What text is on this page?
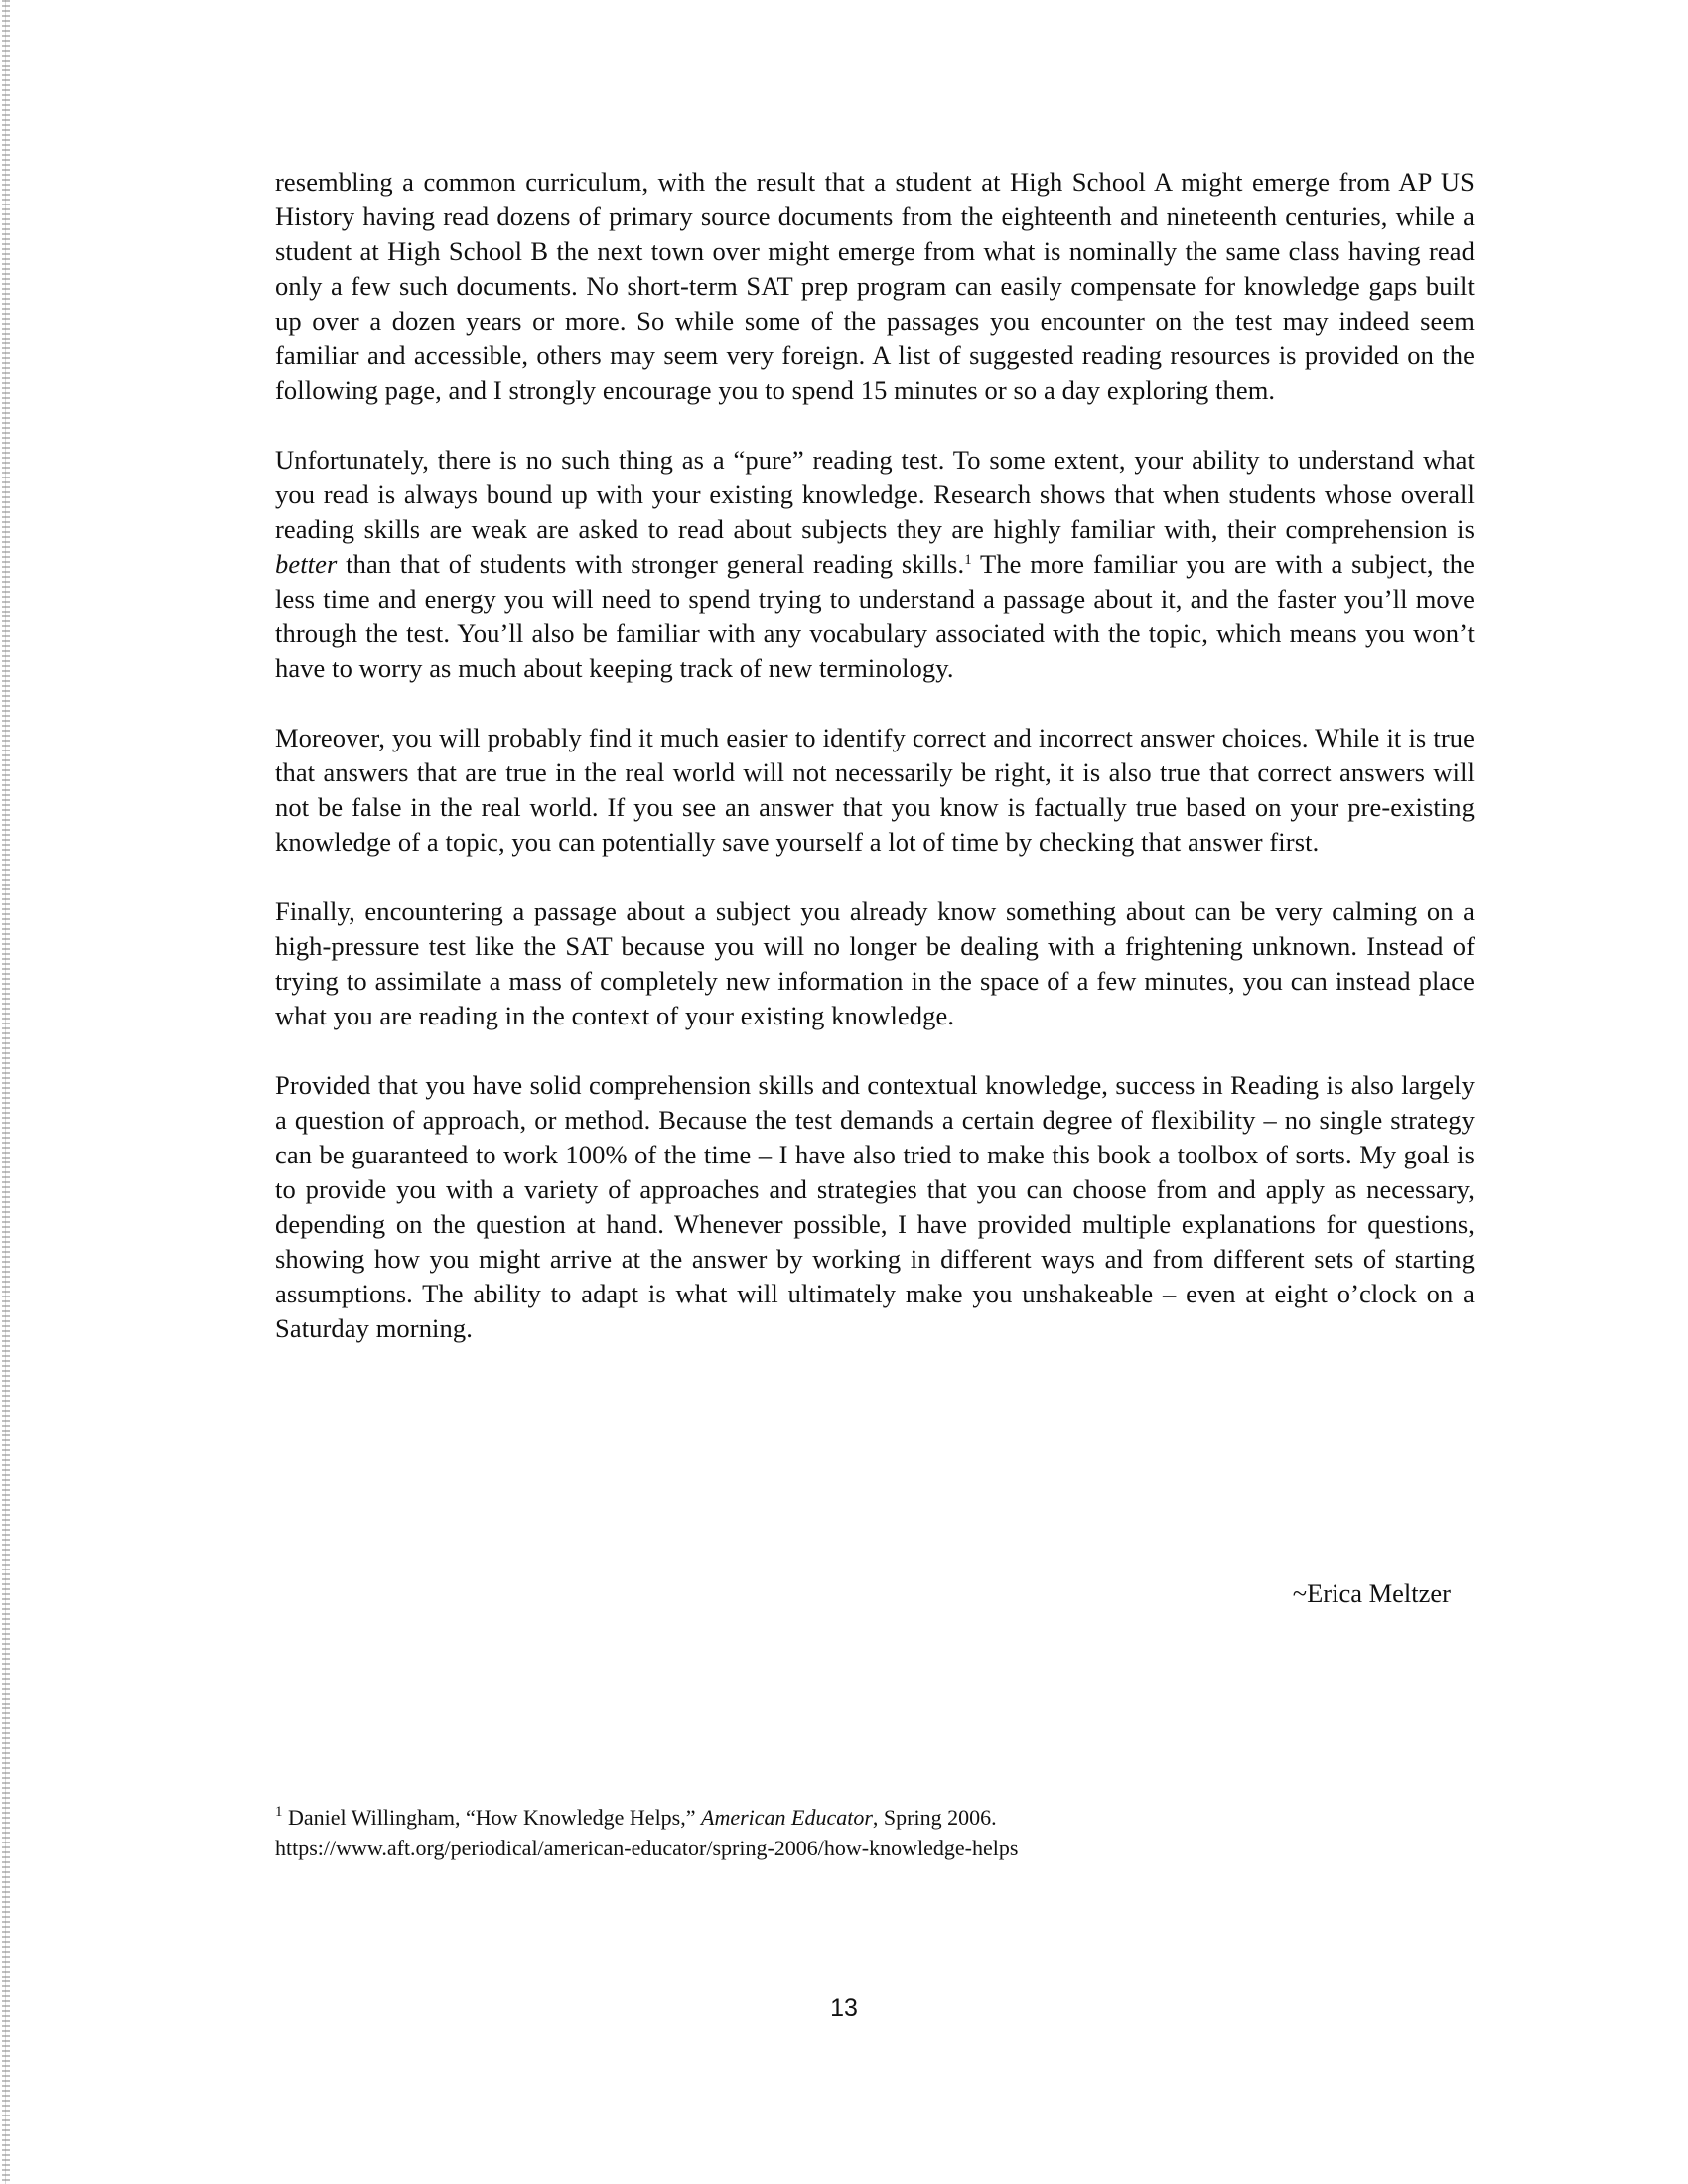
resembling a common curriculum, with the result that a student at High School A might emerge from AP US History having read dozens of primary source documents from the eighteenth and nineteenth centuries, while a student at High School B the next town over might emerge from what is nominally the same class having read only a few such documents. No short-term SAT prep program can easily compensate for knowledge gaps built up over a dozen years or more. So while some of the passages you encounter on the test may indeed seem familiar and accessible, others may seem very foreign. A list of suggested reading resources is provided on the following page, and I strongly encourage you to spend 15 minutes or so a day exploring them.

Unfortunately, there is no such thing as a “pure” reading test. To some extent, your ability to understand what you read is always bound up with your existing knowledge. Research shows that when students whose overall reading skills are weak are asked to read about subjects they are highly familiar with, their comprehension is better than that of students with stronger general reading skills.$^1$ The more familiar you are with a subject, the less time and energy you will need to spend trying to understand a passage about it, and the faster you’ll move through the test. You’ll also be familiar with any vocabulary associated with the topic, which means you won’t have to worry as much about keeping track of new terminology.

Moreover, you will probably find it much easier to identify correct and incorrect answer choices. While it is true that answers that are true in the real world will not necessarily be right, it is also true that correct answers will not be false in the real world. If you see an answer that you know is factually true based on your pre-existing knowledge of a topic, you can potentially save yourself a lot of time by checking that answer first.

Finally, encountering a passage about a subject you already know something about can be very calming on a high-pressure test like the SAT because you will no longer be dealing with a frightening unknown. Instead of trying to assimilate a mass of completely new information in the space of a few minutes, you can instead place what you are reading in the context of your existing knowledge.

Provided that you have solid comprehension skills and contextual knowledge, success in Reading is also largely a question of approach, or method. Because the test demands a certain degree of flexibility – no single strategy can be guaranteed to work 100% of the time – I have also tried to make this book a toolbox of sorts. My goal is to provide you with a variety of approaches and strategies that you can choose from and apply as necessary, depending on the question at hand. Whenever possible, I have provided multiple explanations for questions, showing how you might arrive at the answer by working in different ways and from different sets of starting assumptions. The ability to adapt is what will ultimately make you unshakeable – even at eight o’clock on a Saturday morning.

~Erica Meltzer
$^1$ Daniel Willingham, “How Knowledge Helps,” American Educator, Spring 2006.
https://www.aft.org/periodical/american-educator/spring-2006/how-knowledge-helps
13
